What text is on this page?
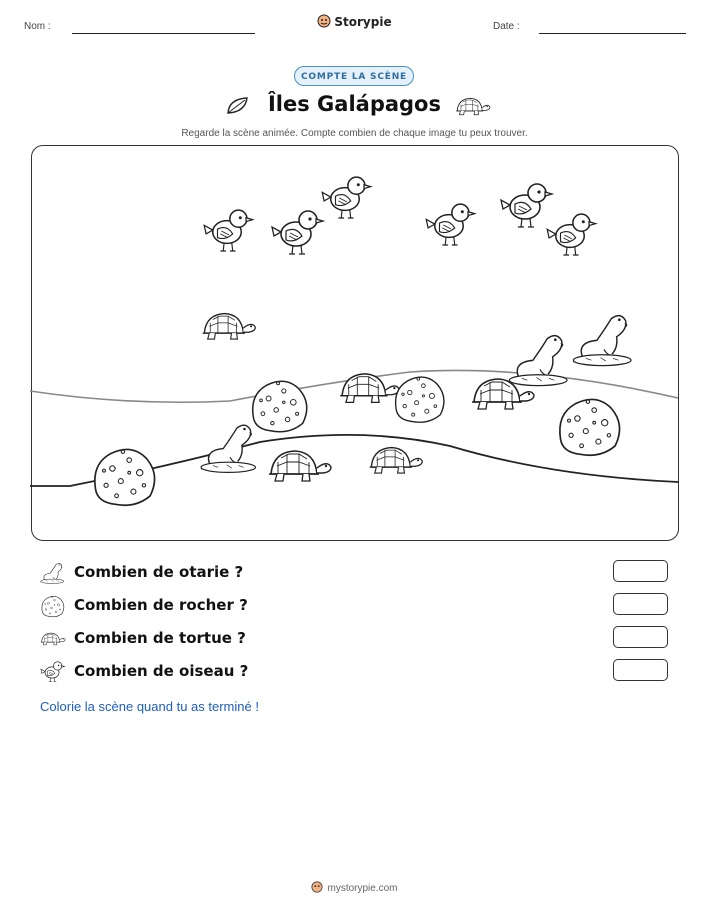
Nom :	Storypie	Date :
COMPTE LA SCÈNE
Îles Galápagos
Regarde la scène animée. Compte combien de chaque image tu peux trouver.
Combien de otarie ?
Combien de rocher ?
Combien de tortue ?
Combien de oiseau ?
Colorie la scène quand tu as terminé !
mystorypie.com
